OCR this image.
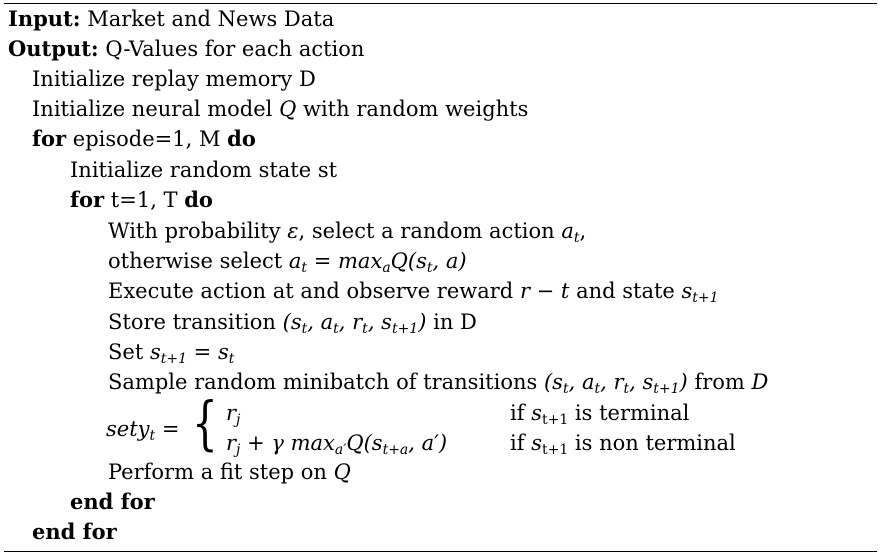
Input: Market and News Data
Output: Q-Values for each action
Initialize replay memory D
Initialize neural model Q with random weights
for episode=1, M do
Initialize random state st
for t=1, T do
With probability ε, select a random action $a_t$,
otherwise select $a_t = \max_aQ(s_t$, a)
Execute action at and observe reward r − t and state $s_{t+1}$
Store transition ($s_t$, $a_t$, $r_t$, $s_{t+1}$) in D
Set $s_{t+1} = s_t$
Sample random minibatch of transitions ($s_t$, $a_t$, $r_t$, $s_{t+1}$) from D
sety$_t$ = { $r_j$	if st+1 is terminal
$r_j + \gamma$ $\max_{a'}Q(s_{t+a}$, a′)	if st+1 is non terminal
Perform a fit step on Q
end for
end for
